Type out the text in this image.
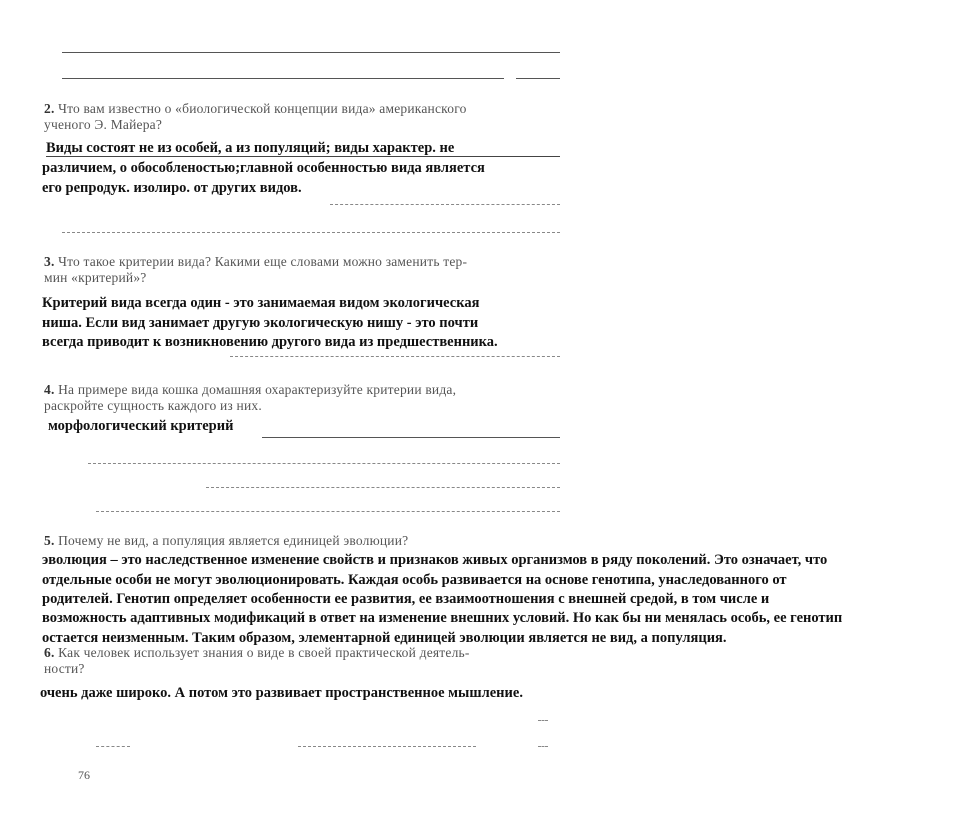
2. Что вам известно о «биологической концепции вида» американского
ученого Э. Майера?
Виды состоят не из особей, а из популяций; виды характер. не
различием, о обособленостью;главной особенностью вида является
его репродук. изолиро. от других видов.
3. Что такое критерии вида? Какими еще словами можно заменить тер-
мин «критерий»?
Критерий вида всегда один - это занимаемая видом экологическая
ниша. Если вид занимает другую экологическую нишу - это почти
всегда приводит к возникновению другого вида из предшественника.
4. На примере вида кошка домашняя охарактеризуйте критерии вида,
раскройте сущность каждого из них.
морфологический критерий
5. Почему не вид, а популяция является единицей эволюции?
эволюция – это наследственное изменение свойств и признаков живых организмов в ряду поколений. Это означает, что
отдельные особи не могут эволюционировать. Каждая особь развивается на основе генотипа, унаследованного от
родителей. Генотип определяет особенности ее развития, ее взаимоотношения с внешней средой, в том числе и
возможность адаптивных модификаций в ответ на изменение внешних условий. Но как бы ни менялась особь, ее генотип
остается неизменным. Таким образом, элементарной единицей эволюции является не вид, а популяция.
6. Как человек использует знания о виде в своей практической деятель-
ности?
очень даже широко. А потом это развивает пространственное мышление.
76
